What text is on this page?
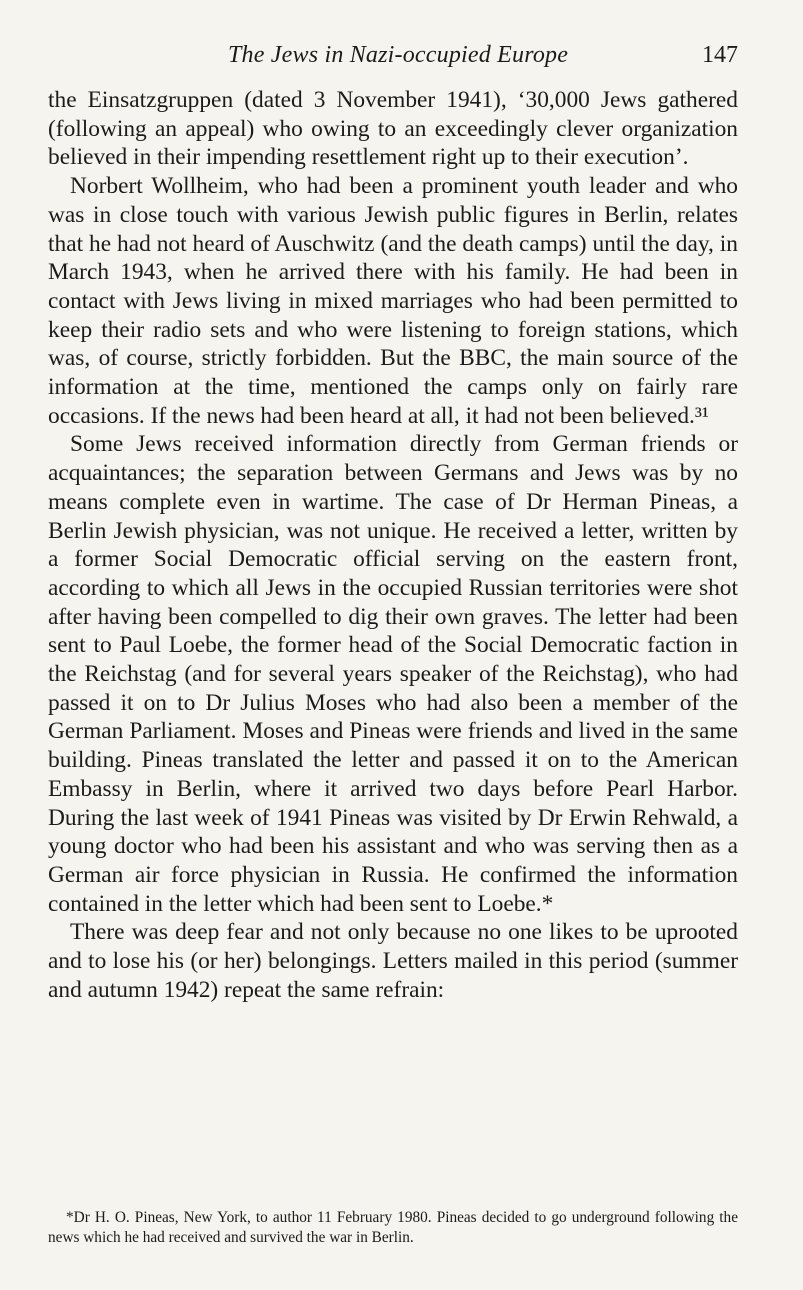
The Jews in Nazi-occupied Europe	147

the Einsatzgruppen (dated 3 November 1941), ‘30,000 Jews gathered (following an appeal) who owing to an exceedingly clever organization believed in their impending resettlement right up to their execution’.

Norbert Wollheim, who had been a prominent youth leader and who was in close touch with various Jewish public figures in Berlin, relates that he had not heard of Auschwitz (and the death camps) until the day, in March 1943, when he arrived there with his family. He had been in contact with Jews living in mixed marriages who had been permitted to keep their radio sets and who were listening to foreign stations, which was, of course, strictly forbidden. But the BBC, the main source of the information at the time, mentioned the camps only on fairly rare occasions. If the news had been heard at all, it had not been believed.³¹

Some Jews received information directly from German friends or acquaintances; the separation between Germans and Jews was by no means complete even in wartime. The case of Dr Herman Pineas, a Berlin Jewish physician, was not unique. He received a letter, written by a former Social Democratic official serving on the eastern front, according to which all Jews in the occupied Russian territories were shot after having been compelled to dig their own graves. The letter had been sent to Paul Loebe, the former head of the Social Democratic faction in the Reichstag (and for several years speaker of the Reichstag), who had passed it on to Dr Julius Moses who had also been a member of the German Parliament. Moses and Pineas were friends and lived in the same building. Pineas translated the letter and passed it on to the American Embassy in Berlin, where it arrived two days before Pearl Harbor. During the last week of 1941 Pineas was visited by Dr Erwin Rehwald, a young doctor who had been his assistant and who was serving then as a German air force physician in Russia. He confirmed the information contained in the letter which had been sent to Loebe.*

There was deep fear and not only because no one likes to be uprooted and to lose his (or her) belongings. Letters mailed in this period (summer and autumn 1942) repeat the same refrain:

*Dr H. O. Pineas, New York, to author 11 February 1980. Pineas decided to go underground following the news which he had received and survived the war in Berlin.
